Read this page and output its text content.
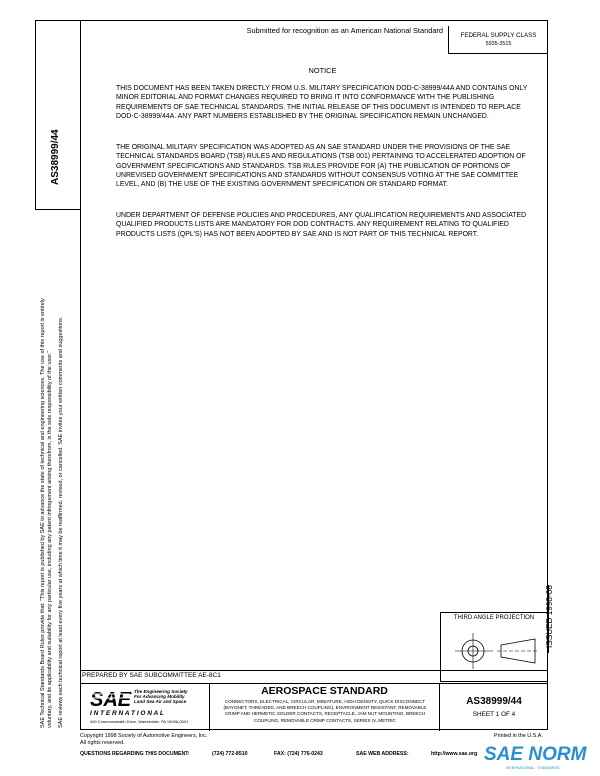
AS38999/44
SAE Technical Standards Board Rules provide that: "This report is published by SAE to advance the state of technical and engineering sciences. The use of this report is entirely voluntary, and its applicability and suitability for any particular use, including any patent infringement arising therefrom, is the sole responsibility of the user." SAE reviews each technical report at least every five years at which time it may be reaffirmed, revised, or cancelled. SAE invites your written comments and suggestions.
Submitted for recognition as an American National Standard
FEDERAL SUPPLY CLASS
5935-3515
NOTICE
THIS DOCUMENT HAS BEEN TAKEN DIRECTLY FROM U.S. MILITARY SPECIFICATION DOD-C-38999/44A AND CONTAINS ONLY MINOR EDITORIAL AND FORMAT CHANGES REQUIRED TO BRING IT INTO CONFORMANCE WITH THE PUBLISHING REQUIREMENTS OF SAE TECHNICAL STANDARDS. THE INITIAL RELEASE OF THIS DOCUMENT IS INTENDED TO REPLACE DOD-C-38999/44A. ANY PART NUMBERS ESTABLISHED BY THE ORIGINAL SPECIFICATION REMAIN UNCHANGED.
THE ORIGINAL MILITARY SPECIFICATION WAS ADOPTED AS AN SAE STANDARD UNDER THE PROVISIONS OF THE SAE TECHNICAL STANDARDS BOARD (TSB) RULES AND REGULATIONS (TSB 001) PERTAINING TO ACCELERATED ADOPTION OF GOVERNMENT SPECIFICATIONS AND STANDARDS. TSB RULES PROVIDE FOR (A) THE PUBLICATION OF PORTIONS OF UNREVISED GOVERNMENT SPECIFICATIONS AND STANDARDS WITHOUT CONSENSUS VOTING AT THE SAE COMMITTEE LEVEL, AND (B) THE USE OF THE EXISTING GOVERNMENT SPECIFICATION OR STANDARD FORMAT.
UNDER DEPARTMENT OF DEFENSE POLICIES AND PROCEDURES, ANY QUALIFICATION REQUIREMENTS AND ASSOCIATED QUALIFIED PRODUCTS LISTS ARE MANDATORY FOR DOD CONTRACTS. ANY REQUIREMENT RELATING TO QUALIFIED PRODUCTS LISTS (QPL'S) HAS NOT BEEN ADOPTED BY SAE AND IS NOT PART OF THIS TECHNICAL REPORT.
ISSUED 1998-08
THIRD ANGLE PROJECTION
PREPARED BY SAE SUBCOMMITTEE AE-8C1
SAE The Engineering Society
For Advancing Mobility
Land Sea Air and Space
I N T E R N A T I O N A L
400 Commonwealth Drive, Warrendale, PA 15096-0001
AEROSPACE STANDARD
CONNECTORS, ELECTRICAL, CIRCULAR, MINIATURE, HIGH DENSITY, QUICK DISCONNECT (BAYONET, THREADED, AND BREECH COUPLING), ENVIRONMENT RESISTANT, REMOVABLE CRIMP AND HERMETIC SOLDER CONTACTS, RECEPTACLE, JAM NUT MOUNTING, BREECH COUPLING, REMOVABLE CRIMP CONTACTS, SERIES IV, METRIC
AS38999/44
SHEET 1 OF 4
Copyright 1998 Society of Automotive Engineers, Inc.
All rights reserved.
Printed in the U.S.A.
QUESTIONS REGARDING THIS DOCUMENT:	(724) 772-8510	FAX: (724) 776-0243	SAE WEB ADDRESS:	http://www.sae.org SAE NORM
INTERNATIONAL · STANDARDS
